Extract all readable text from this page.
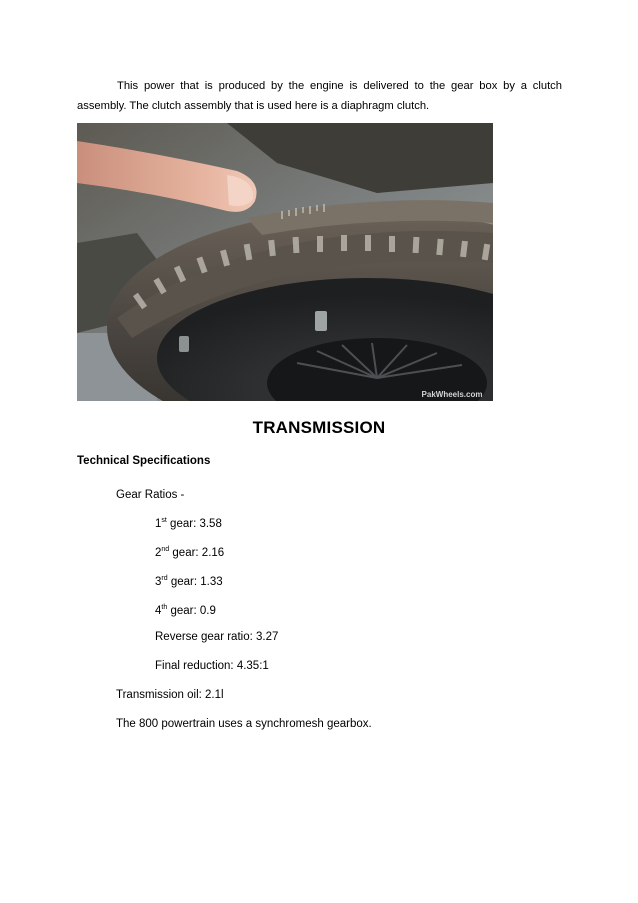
This power that is produced by the engine is delivered to the gear box by a clutch assembly. The clutch assembly that is used here is a diaphragm clutch.

PakWheels.com
TRANSMISSION
Technical Specifications
Gear Ratios -
1st gear: 3.58
2nd gear: 2.16
3rd gear: 1.33
4th gear: 0.9
Reverse gear ratio: 3.27
Final reduction: 4.35:1
Transmission oil: 2.1l
The 800 powertrain uses a synchromesh gearbox.
